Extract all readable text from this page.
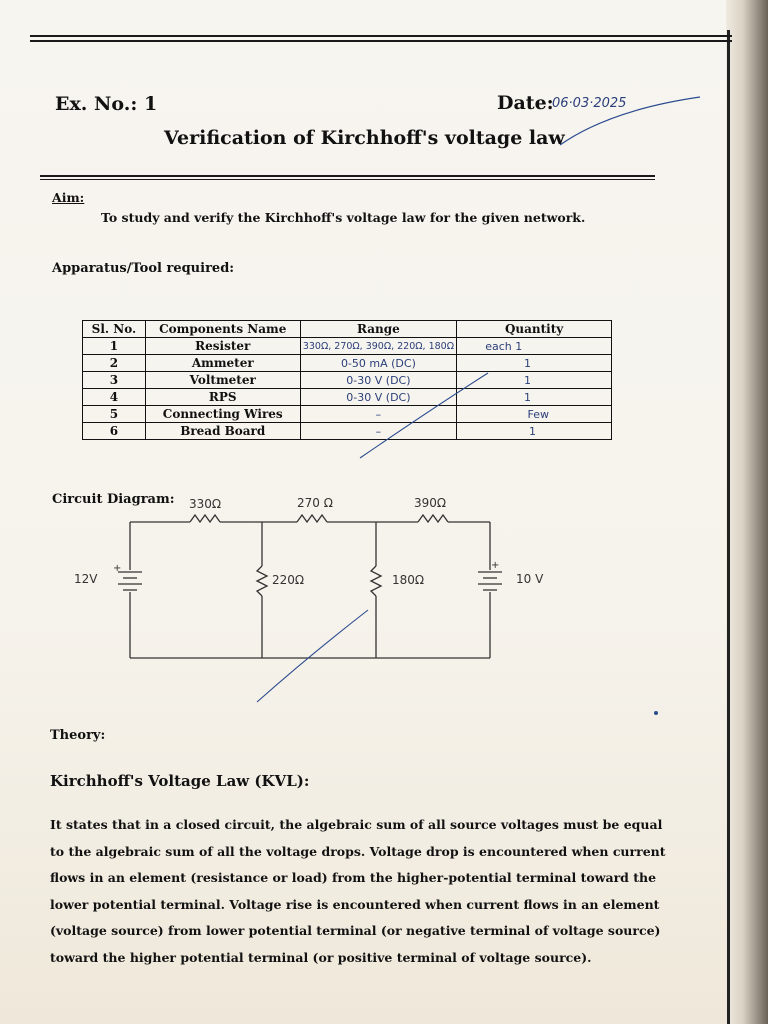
Ex. No.: 1	Date:
06·03·2025
Verification of Kirchhoff's voltage law
Aim:
To study and verify the Kirchhoff's voltage law for the given network.
Apparatus/Tool required:
Sl. No.	Components Name	Range	Quantity
1	Resister	330Ω, 270Ω, 390Ω, 220Ω, 180Ω	each 1
2	Ammeter	0-50 mA (DC)	1
3	Voltmeter	0-30 V (DC)	1
4	RPS	0-30 V (DC)	1
5	Connecting Wires	–	Few
6	Bread Board	–	1
Circuit Diagram: 330Ω	270 Ω	390Ω
220Ω	180Ω
12V	10 V
+	+
Theory:
Kirchhoff's Voltage Law (KVL):

It states that in a closed circuit, the algebraic sum of all source voltages must be equal to the algebraic sum of all the voltage drops. Voltage drop is encountered when current flows in an element (resistance or load) from the higher-potential terminal toward the lower potential terminal. Voltage rise is encountered when current flows in an element (voltage source) from lower potential terminal (or negative terminal of voltage source) toward the higher potential terminal (or positive terminal of voltage source).
